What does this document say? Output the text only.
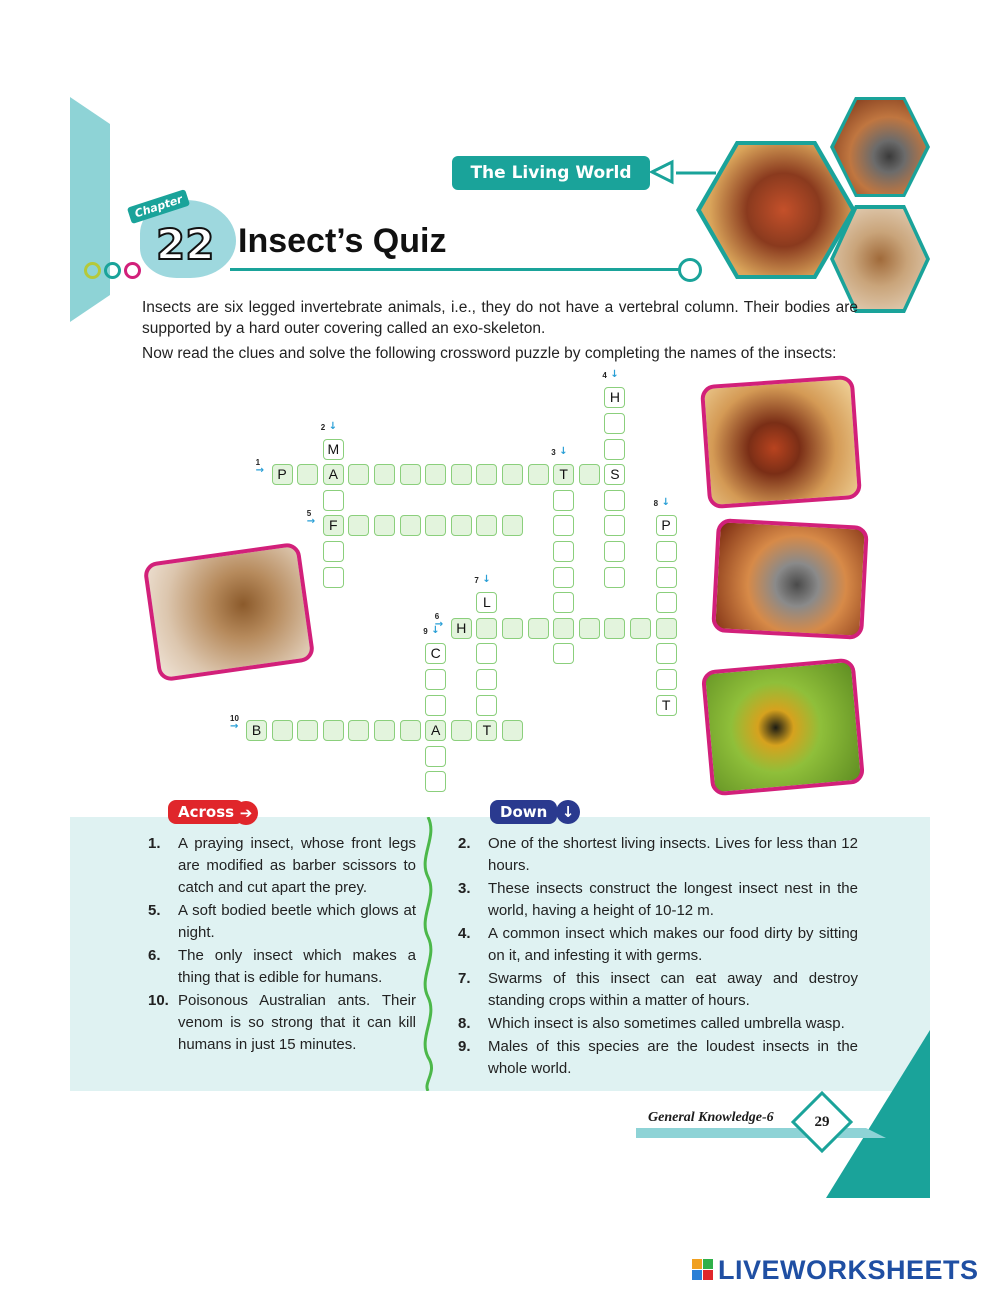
The Living World
Chapter
22 Insect’s Quiz
Insects are six legged invertebrate animals, i.e., they do not have a vertebral column. Their bodies are supported by a hard outer covering called an exo-skeleton.
Now read the clues and solve the following crossword puzzle by completing the names of the insects:
P	A	T
M
F
H
S
H
L
T
P
T
C
A
B
1
→
2 ↓
3 ↓
4 ↓
5
→
6
→
7 ↓
8 ↓
9 ↓
10
→
Across ➔	Down ↓
1. A praying insect, whose front legs are modified as barber scissors to catch and cut apart the prey.
5. A soft bodied beetle which glows at night.
6. The only insect which makes a thing that is edible for humans.
10. Poisonous Australian ants. Their venom is so strong that it can kill humans in just 15 minutes.
2. One of the shortest living insects. Lives for less than 12 hours.
3. These insects construct the longest insect nest in the world, having a height of 10-12 m.
4. A common insect which makes our food dirty by sitting on it, and infesting it with germs.
7. Swarms of this insect can eat away and destroy standing crops within a matter of hours.
8. Which insect is also sometimes called umbrella wasp.
9. Males of this species are the loudest insects in the whole world.
General Knowledge-6	29
LIVEWORKSHEETS
